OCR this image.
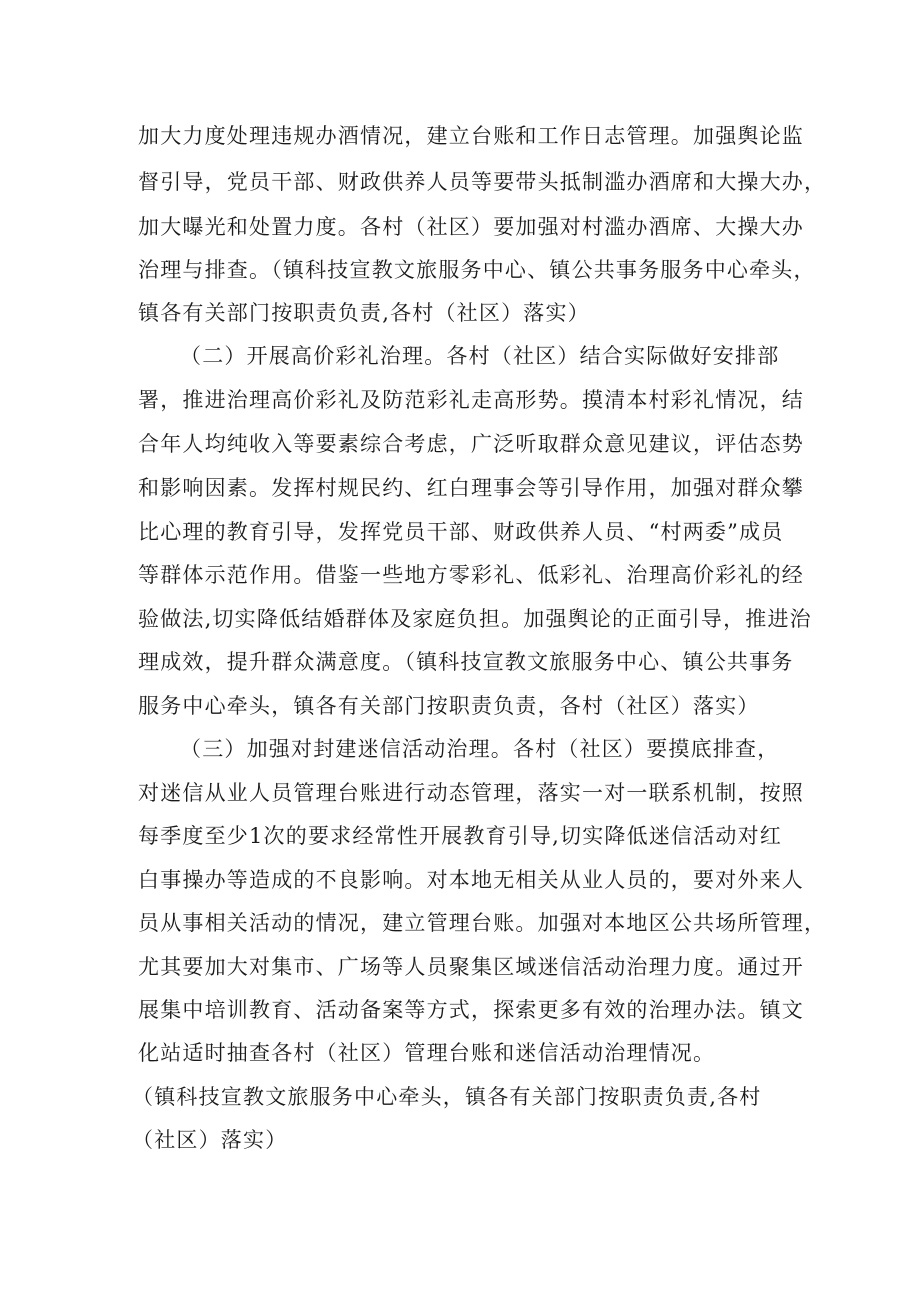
加大力度处理违规办酒情况，建立台账和工作日志管理。加强舆论监
督引导，党员干部、财政供养人员等要带头抵制滥办酒席和大操大办，
加大曝光和处置力度。各村（社区）要加强对村滥办酒席、大操大办
治理与排查。（镇科技宣教文旅服务中心、镇公共事务服务中心牵头，
镇各有关部门按职责负责,各村（社区）落实）
（二）开展高价彩礼治理。各村（社区）结合实际做好安排部
署，推进治理高价彩礼及防范彩礼走高形势。摸清本村彩礼情况，结
合年人均纯收入等要素综合考虑，广泛听取群众意见建议，评估态势
和影响因素。发挥村规民约、红白理事会等引导作用，加强对群众攀
比心理的教育引导，发挥党员干部、财政供养人员、“村两委”成员
等群体示范作用。借鉴一些地方零彩礼、低彩礼、治理高价彩礼的经
验做法,切实降低结婚群体及家庭负担。加强舆论的正面引导，推进治
理成效，提升群众满意度。（镇科技宣教文旅服务中心、镇公共事务
服务中心牵头，镇各有关部门按职责负责，各村（社区）落实）
（三）加强对封建迷信活动治理。各村（社区）要摸底排查，
对迷信从业人员管理台账进行动态管理，落实一对一联系机制，按照
每季度至少1次的要求经常性开展教育引导,切实降低迷信活动对红
白事操办等造成的不良影响。对本地无相关从业人员的，要对外来人
员从事相关活动的情况，建立管理台账。加强对本地区公共场所管理，
尤其要加大对集市、广场等人员聚集区域迷信活动治理力度。通过开
展集中培训教育、活动备案等方式，探索更多有效的治理办法。镇文
化站适时抽查各村（社区）管理台账和迷信活动治理情况。
（镇科技宣教文旅服务中心牵头，镇各有关部门按职责负责,各村
（社区）落实）
